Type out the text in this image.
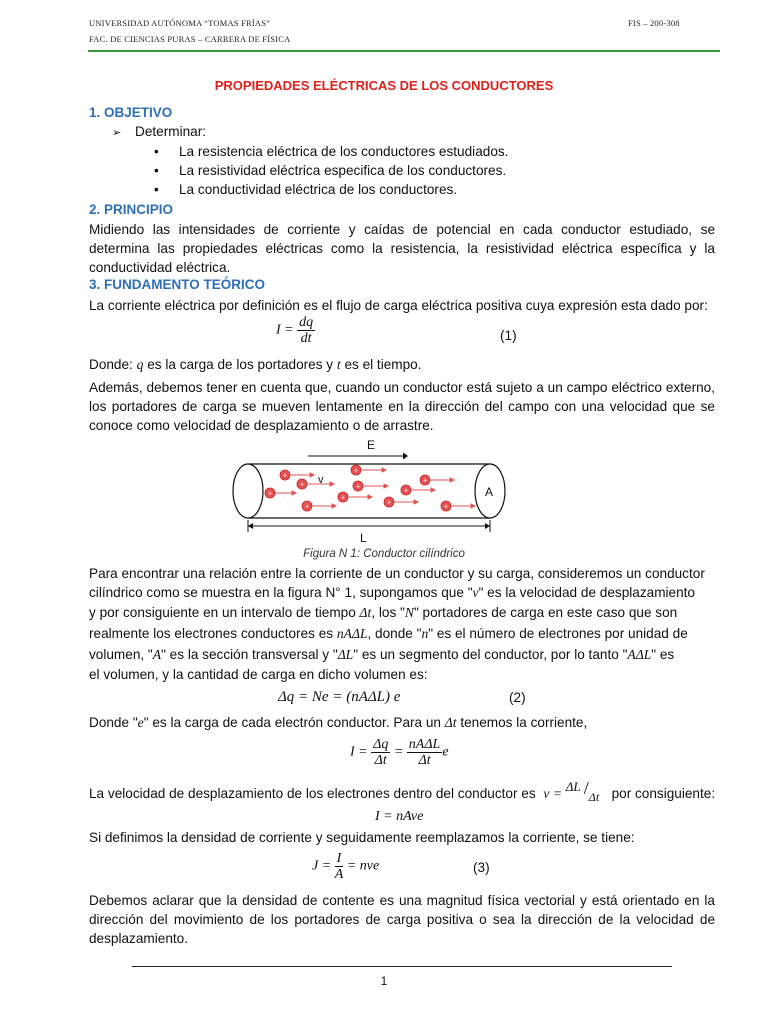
UNIVERSIDAD AUTÓNOMA “TOMAS FRÍAS”
FAC. DE CIENCIAS PURAS – CARRERA DE FÍSICA
FIS – 200-308
PROPIEDADES ELÉCTRICAS DE LOS CONDUCTORES
1. OBJETIVO
➢ Determinar:
La resistencia eléctrica de los conductores estudiados.
La resistividad eléctrica especifica de los conductores.
La conductividad eléctrica de los conductores.
2. PRINCIPIO
Midiendo las intensidades de corriente y caídas de potencial en cada conductor estudiado, se determina las propiedades eléctricas como la resistencia, la resistividad eléctrica específica y la conductividad eléctrica.
3. FUNDAMENTO TEÓRICO
La corriente eléctrica por definición es el flujo de carga eléctrica positiva cuya expresión esta dado por:
$I = \frac{dq}{dt}$	(1)
Donde: q es la carga de los portadores y t es el tiempo.
Además, debemos tener en cuenta que, cuando un conductor está sujeto a un campo eléctrico externo, los portadores de carga se mueven lentamente en la dirección del campo con una velocidad que se conoce como velocidad de desplazamiento o de arrastre.
E
A
v
+
+
+
+
+
+
+
+
+
+
+
L
Figura N 1: Conductor cilíndrico
Para encontrar una relación entre la corriente de un conductor y su carga, consideremos un conductor
cilíndrico como se muestra en la figura N° 1, supongamos que "v" es la velocidad de desplazamiento
y por consiguiente en un intervalo de tiempo Δt, los "N" portadores de carga en este caso que son
realmente los electrones conductores es nAΔL, donde "n" es el número de electrones por unidad de
volumen, "A" es la sección transversal y "ΔL" es un segmento del conductor, por lo tanto "AΔL" es
el volumen, y la cantidad de carga en dicho volumen es:
Δq = Ne = (nAΔL) e	(2)
Donde "e" es la carga de cada electrón conductor. Para un Δt tenemos la corriente,
$I = \frac{\Delta q}{\Delta t} = \frac{\text{nAΔL}}{\Delta t}$ e
La velocidad de desplazamiento de los electrones dentro del conductor es v = ΔL / Δt por consiguiente:
I = nAve
Si definimos la densidad de corriente y seguidamente reemplazamos la corriente, se tiene:
$J = \frac{I}{A}$ = nve	(3)
Debemos aclarar que la densidad de contente es una magnitud física vectorial y está orientado en la dirección del movimiento de los portadores de carga positiva o sea la dirección de la velocidad de desplazamiento.
1
